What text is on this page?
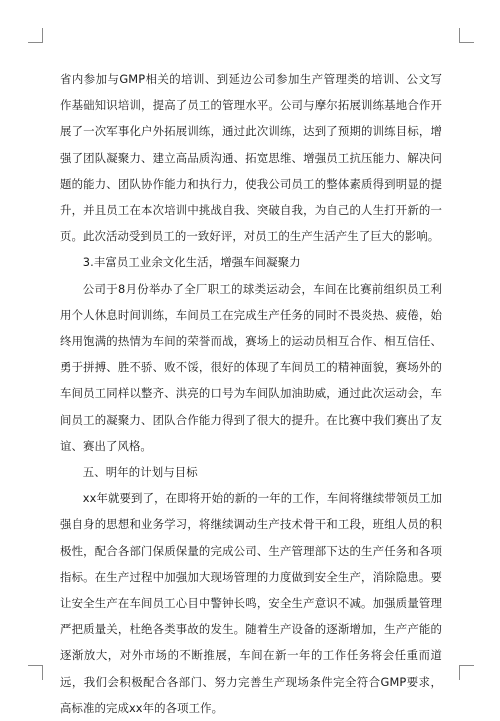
省内参加与GMP相关的培训、到延边公司参加生产管理类的培训、公文写作基础知识培训，提高了员工的管理水平。公司与摩尔拓展训练基地合作开展了一次军事化户外拓展训练，通过此次训练，达到了预期的训练目标，增强了团队凝聚力、建立高品质沟通、拓宽思维、增强员工抗压能力、解决问题的能力、团队协作能力和执行力，使我公司员工的整体素质得到明显的提升，并且员工在本次培训中挑战自我、突破自我，为自己的人生打开新的一页。此次活动受到员工的一致好评，对员工的生产生活产生了巨大的影响。

3.丰富员工业余文化生活，增强车间凝聚力

公司于8月份举办了全厂职工的球类运动会，车间在比赛前组织员工利用个人休息时间训练，车间员工在完成生产任务的同时不畏炎热、疲倦，始终用饱满的热情为车间的荣誉而战，赛场上的运动员相互合作、相互信任、勇于拼搏、胜不骄、败不馁，很好的体现了车间员工的精神面貌，赛场外的车间员工同样以整齐、洪亮的口号为车间队加油助威，通过此次运动会，车间员工的凝聚力、团队合作能力得到了很大的提升。在比赛中我们赛出了友谊、赛出了风格。

五、明年的计划与目标

xx年就要到了，在即将开始的新的一年的工作，车间将继续带领员工加强自身的思想和业务学习，将继续调动生产技术骨干和工段，班组人员的积极性，配合各部门保质保量的完成公司、生产管理部下达的生产任务和各项指标。在生产过程中加强加大现场管理的力度做到安全生产，消除隐患。要让安全生产在车间员工心目中警钟长鸣，安全生产意识不减。加强质量管理严把质量关，杜绝各类事故的发生。随着生产设备的逐渐增加，生产产能的逐渐放大，对外市场的不断推展，车间在新一年的工作任务将会任重而道远，我们会积极配合各部门、努力完善生产现场条件完全符合GMP要求，高标准的完成xx年的各项工作。
